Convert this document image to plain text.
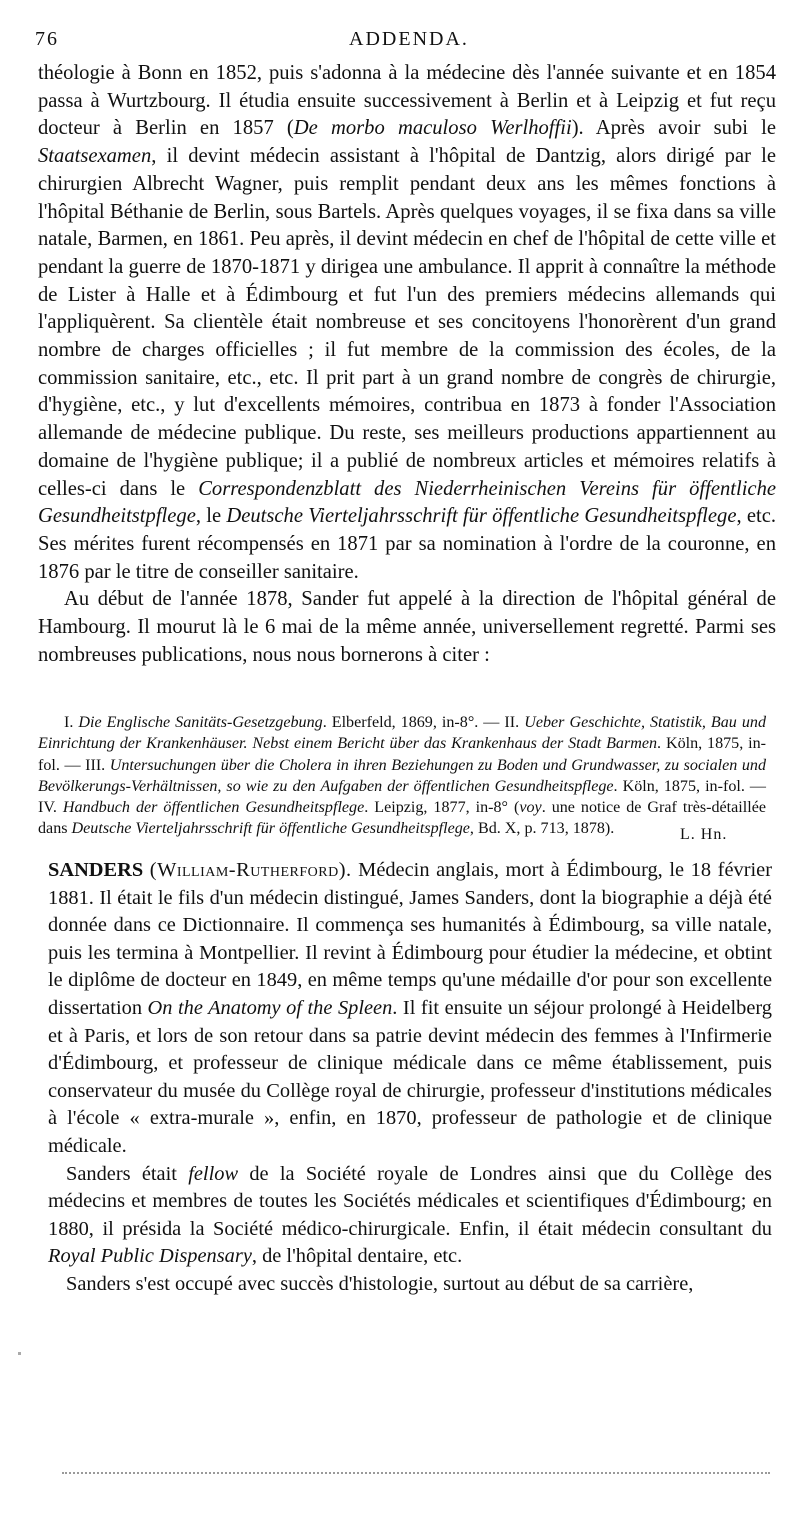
76	ADDENDA.

théologie à Bonn en 1852, puis s'adonna à la médecine dès l'année suivante et en 1854 passa à Wurtzbourg. Il étudia ensuite successivement à Berlin et à Leipzig et fut reçu docteur à Berlin en 1857 (De morbo maculoso Werlhoffii). Après avoir subi le Staatsexamen, il devint médecin assistant à l'hôpital de Dantzig, alors dirigé par le chirurgien Albrecht Wagner, puis remplit pendant deux ans les mêmes fonctions à l'hôpital Béthanie de Berlin, sous Bartels. Après quelques voyages, il se fixa dans sa ville natale, Barmen, en 1861. Peu après, il devint médecin en chef de l'hôpital de cette ville et pendant la guerre de 1870-1871 y dirigea une ambulance. Il apprit à connaître la méthode de Lister à Halle et à Édimbourg et fut l'un des premiers médecins allemands qui l'appliquèrent. Sa clientèle était nombreuse et ses concitoyens l'honorèrent d'un grand nombre de charges officielles ; il fut membre de la commission des écoles, de la commission sanitaire, etc., etc. Il prit part à un grand nombre de congrès de chirurgie, d'hygiène, etc., y lut d'excellents mémoires, contribua en 1873 à fonder l'Association allemande de médecine publique. Du reste, ses meilleurs productions appartiennent au domaine de l'hygiène publique; il a publié de nombreux articles et mémoires relatifs à celles-ci dans le Correspondenzblatt des Niederrheinischen Vereins für öffentliche Gesundheitstpflege, le Deutsche Vierteljahrsschrift für öffentliche Gesundheitspflege, etc. Ses mérites furent récompensés en 1871 par sa nomination à l'ordre de la couronne, en 1876 par le titre de conseiller sanitaire.

Au début de l'année 1878, Sander fut appelé à la direction de l'hôpital général de Hambourg. Il mourut là le 6 mai de la même année, universellement regretté. Parmi ses nombreuses publications, nous nous bornerons à citer :

I. Die Englische Sanitäts-Gesetzgebung. Elberfeld, 1869, in-8°. — II. Ueber Geschichte, Statistik, Bau und Einrichtung der Krankenhäuser. Nebst einem Bericht über das Krankenhaus der Stadt Barmen. Köln, 1875, in-fol. — III. Untersuchungen über die Cholera in ihren Beziehungen zu Boden und Grundwasser, zu socialen und Bevölkerungs-Verhältnissen, so wie zu den Aufgaben der öffentlichen Gesundheitspflege. Köln, 1875, in-fol. — IV. Handbuch der öffentlichen Gesundheitspflege. Leipzig, 1877, in-8° (voy. une notice de Graf très-détaillée dans Deutsche Vierteljahrsschrift für öffentliche Gesundheitspflege, Bd. X, p. 713, 1878).	L. Hn.

SANDERS (William-Rutherford). Médecin anglais, mort à Édimbourg, le 18 février 1881. Il était le fils d'un médecin distingué, James Sanders, dont la biographie a déjà été donnée dans ce Dictionnaire. Il commença ses humanités à Édimbourg, sa ville natale, puis les termina à Montpellier. Il revint à Édimbourg pour étudier la médecine, et obtint le diplôme de docteur en 1849, en même temps qu'une médaille d'or pour son excellente dissertation On the Anatomy of the Spleen. Il fit ensuite un séjour prolongé à Heidelberg et à Paris, et lors de son retour dans sa patrie devint médecin des femmes à l'Infirmerie d'Édimbourg, et professeur de clinique médicale dans ce même établissement, puis conservateur du musée du Collège royal de chirurgie, professeur d'institutions médicales à l'école « extra-murale », enfin, en 1870, professeur de pathologie et de clinique médicale.

Sanders était fellow de la Société royale de Londres ainsi que du Collège des médecins et membres de toutes les Sociétés médicales et scientifiques d'Édimbourg; en 1880, il présida la Société médico-chirurgicale. Enfin, il était médecin consultant du Royal Public Dispensary, de l'hôpital dentaire, etc.

Sanders s'est occupé avec succès d'histologie, surtout au début de sa carrière,
